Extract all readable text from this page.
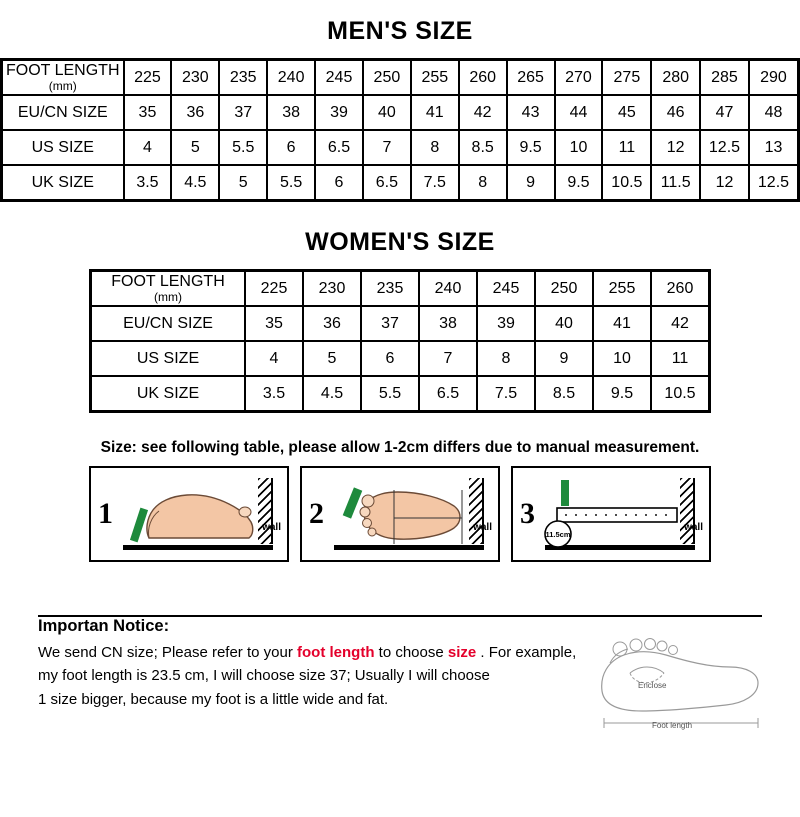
MEN'S SIZE
FOOT LENGTH
(mm)	225	230	235	240	245	250	255	260	265	270	275	280	285	290
EU/CN SIZE	35	36	37	38	39	40	41	42	43	44	45	46	47	48
US SIZE	4	5	5.5	6	6.5	7	8	8.5	9.5	10	11	12	12.5	13
UK SIZE	3.5	4.5	5	5.5	6	6.5	7.5	8	9	9.5	10.5	11.5	12	12.5
WOMEN'S SIZE
FOOT LENGTH
(mm)	225	230	235	240	245	250	255	260
EU/CN SIZE	35	36	37	38	39	40	41	42
US SIZE	4	5	6	7	8	9	10	11
UK SIZE	3.5	4.5	5.5	6.5	7.5	8.5	9.5	10.5
Size: see following table, please allow 1-2cm differs due to manual measurement.
1	wall 2	wall 3	wall
11.5cm
Importan Notice:
We send CN size; Please refer to your foot length to choose size . For example,
my foot length is 23.5 cm, I will choose size 37; Usually I will choose
1 size bigger, because my foot is a little wide and fat.
Enclose
Foot length
